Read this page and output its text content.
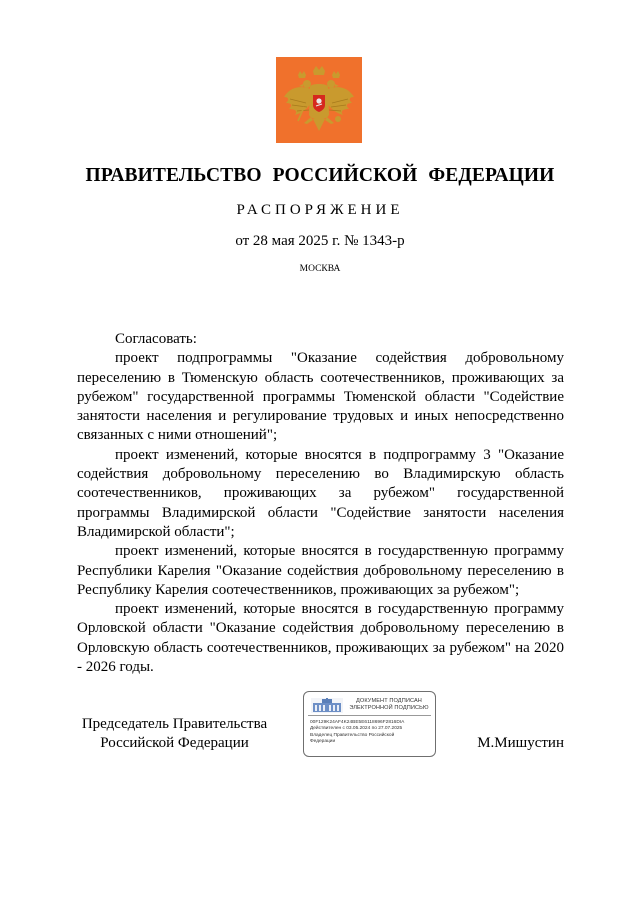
ПРАВИТЕЛЬСТВО РОССИЙСКОЙ ФЕДЕРАЦИИ
РАСПОРЯЖЕНИЕ
от 28 мая 2025 г. № 1343-р
МОСКВА

Согласовать:

проект подпрограммы "Оказание содействия добровольному переселению в Тюменскую область соотечественников, проживающих за рубежом" государственной программы Тюменской области "Содействие занятости населения и регулирование трудовых и иных непосредственно связанных с ними отношений";

проект изменений, которые вносятся в подпрограмму 3 "Оказание содействия добровольному переселению во Владимирскую область соотечественников, проживающих за рубежом" государственной программы Владимирской области "Содействие занятости населения Владимирской области";

проект изменений, которые вносятся в государственную программу Республики Карелия "Оказание содействия добровольному переселению в Республику Карелия соотечественников, проживающих за рубежом";

проект изменений, которые вносятся в государственную программу Орловской области "Оказание содействия добровольному переселению в Орловскую область соотечественников, проживающих за рубежом" на 2020 - 2026 годы.

Председатель Правительства
Российской Федерации
ДОКУМЕНТ ПОДПИСАН
ЭЛЕКТРОННОЙ ПОДПИСЬЮ
00F129K24AF4K24BE5E6118696F2816DIA
Действителен с 03.05.2024 по 27.07.2025
Владелец Правительство Российской
Федерации	М.Мишустин
